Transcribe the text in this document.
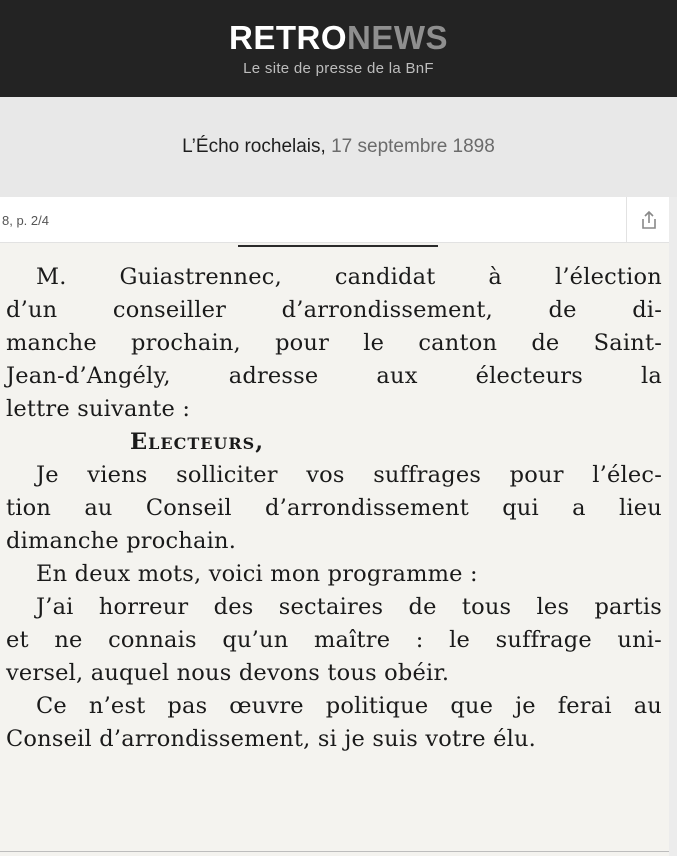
RETRONEWS
Le site de presse de la BnF
L’Écho rochelais, 17 septembre 1898
8, p. 2/4
M. Guiastrennec, candidat à l’élection
d’un conseiller d’arrondissement, de di-
manche prochain, pour le canton de Saint-
Jean-d’Angély, adresse aux électeurs la
lettre suivante :
Electeurs,
Je viens solliciter vos suffrages pour l’élec-
tion au Conseil d’arrondissement qui a lieu
dimanche prochain.
En deux mots, voici mon programme :
J’ai horreur des sectaires de tous les partis
et ne connais qu’un maître : le suffrage uni-
versel, auquel nous devons tous obéir.
Ce n’est pas œuvre politique que je ferai au
Conseil d’arrondissement, si je suis votre élu.
